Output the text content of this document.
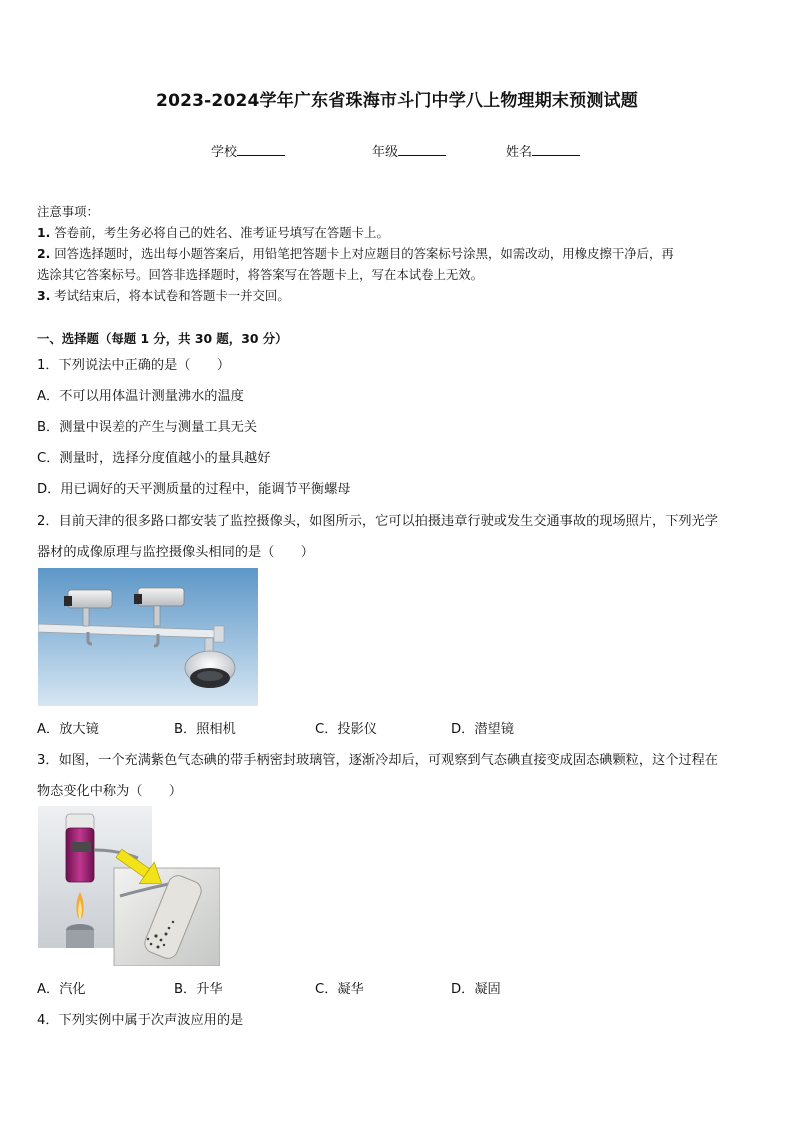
2023-2024学年广东省珠海市斗门中学八上物理期末预测试题
学校	年级	姓名
注意事项：
1. 答卷前，考生务必将自己的姓名、准考证号填写在答题卡上。
2. 回答选择题时，选出每小题答案后，用铅笔把答题卡上对应题目的答案标号涂黑，如需改动，用橡皮擦干净后，再
选涂其它答案标号。回答非选择题时，将答案写在答题卡上，写在本试卷上无效。
3. 考试结束后，将本试卷和答题卡一并交回。
一、选择题（每题 1 分，共 30 题，30 分）
1．下列说法中正确的是（　　）
A．不可以用体温计测量沸水的温度
B．测量中误差的产生与测量工具无关
C．测量时，选择分度值越小的量具越好
D．用已调好的天平测质量的过程中，能调节平衡螺母
2．目前天津的很多路口都安装了监控摄像头，如图所示，它可以拍摄违章行驶或发生交通事故的现场照片，下列光学
器材的成像原理与监控摄像头相同的是（　　）
A．放大镜	B．照相机	C．投影仪	D．潜望镜
3．如图，一个充满紫色气态碘的带手柄密封玻璃管，逐渐冷却后，可观察到气态碘直接变成固态碘颗粒，这个过程在
物态变化中称为（　　）
A．汽化	B．升华	C．凝华	D．凝固
4．下列实例中属于次声波应用的是
